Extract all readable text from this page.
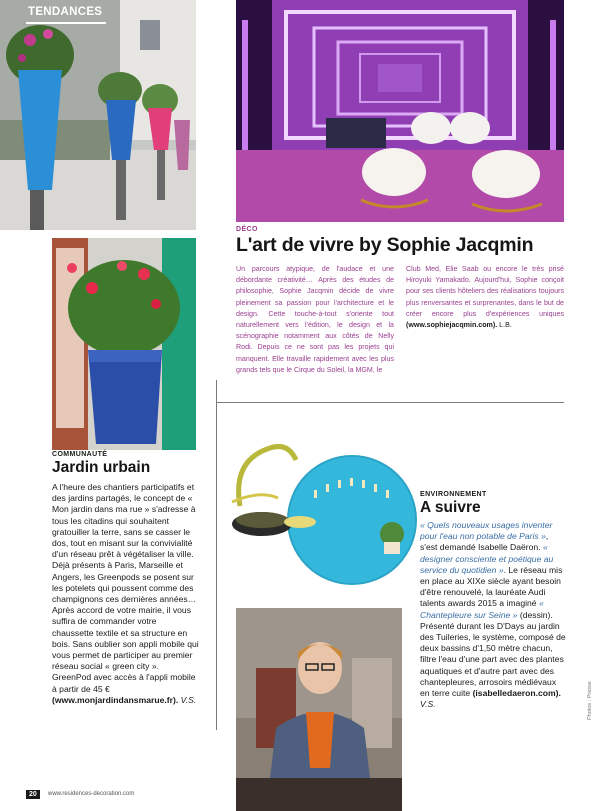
TENDANCES
DÉCO
L'art de vivre by Sophie Jacqmin
Un parcours atypique, de l'audace et une débordante créativité… Après des études de philosophie, Sophie Jacqmin décide de vivre pleinement sa passion pour l'architecture et le design. Cette touche-à-tout s'oriente tout naturellement vers l'édition, le design et la scénographie notamment aux côtés de Nelly Rodi. Depuis ce ne sont pas les projets qui manquent. Elle travaille rapidement avec les plus grands tels que le Cirque du Soleil, la MGM, le
Club Med, Elie Saab ou encore le très prisé Hiroyuki Yamakado. Aujourd'hui, Sophie conçoit pour ses clients hôteliers des réalisations toujours plus renversantes et surprenantes, dans le but de créer encore plus d'expériences uniques (www.sophiejacqmin.com). L.B.
COMMUNAUTÉ
Jardin urbain
A l'heure des chantiers participatifs et des jardins partagés, le concept de « Mon jardin dans ma rue » s'adresse à tous les citadins qui souhaitent gratouiller la terre, sans se casser le dos, tout en misant sur la convivialité d'un réseau prêt à végétaliser la ville. Déjà présents à Paris, Marseille et Angers, les Greenpods se posent sur les potelets qui poussent comme des champignons ces dernières années… Après accord de votre mairie, il vous suffira de commander votre chaussette textile et sa structure en bois. Sans oublier son appli mobile qui vous permet de participer au premier réseau social « green city ». GreenPod avec accès à l'appli mobile à partir de 45 € (www.monjardindansmarue.fr). V.S.
ENVIRONNEMENT
A suivre
« Quels nouveaux usages inventer pour l'eau non potable de Paris », s'est demandé Isabelle Daëron. « designer consciente et poétique au service du quotidien ». Le réseau mis en place au XIXe siècle ayant besoin d'être renouvelé, la lauréate Audi talents awards 2015 a imaginé « Chantepleure sur Seine » (dessin). Présenté durant les D'Days au jardin des Tuileries, le système, composé de deux bassins d'1,50 mètre chacun, filtre l'eau d'une part avec des plantes aquatiques et d'autre part avec des chantepleures, arrosoirs médiévaux en terre cuite (isabelledaeron.com). V.S.
20	www.residences-decoration.com
Photos : Presse
